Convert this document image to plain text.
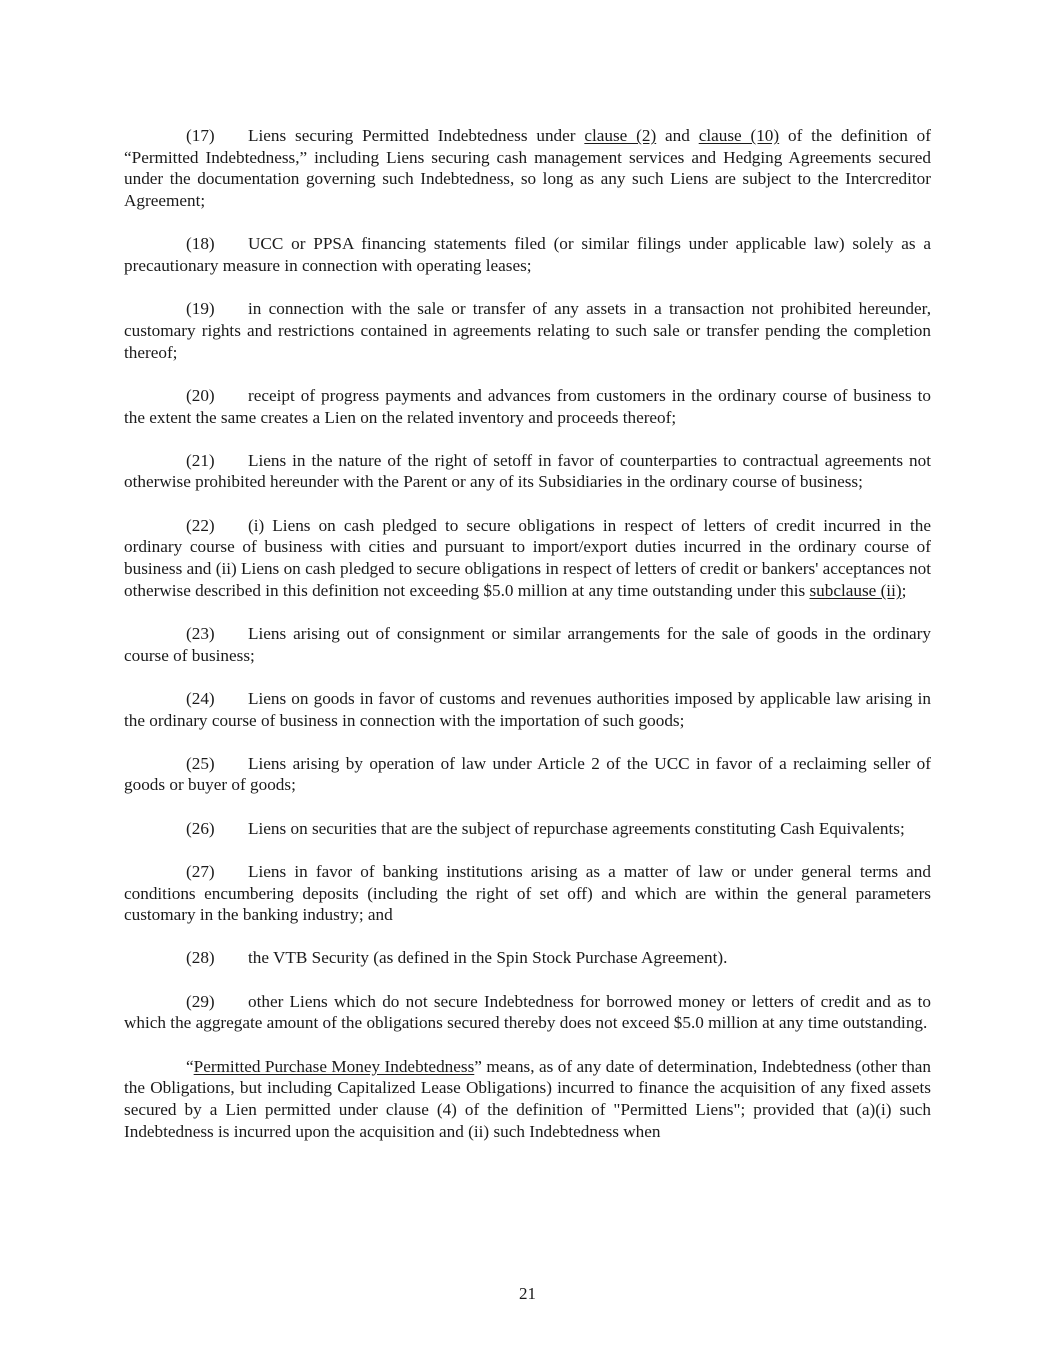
(17) Liens securing Permitted Indebtedness under clause (2) and clause (10) of the definition of “Permitted Indebtedness,” including Liens securing cash management services and Hedging Agreements secured under the documentation governing such Indebtedness, so long as any such Liens are subject to the Intercreditor Agreement;

(18) UCC or PPSA financing statements filed (or similar filings under applicable law) solely as a precautionary measure in connection with operating leases;

(19) in connection with the sale or transfer of any assets in a transaction not prohibited hereunder, customary rights and restrictions contained in agreements relating to such sale or transfer pending the completion thereof;

(20) receipt of progress payments and advances from customers in the ordinary course of business to the extent the same creates a Lien on the related inventory and proceeds thereof;

(21) Liens in the nature of the right of setoff in favor of counterparties to contractual agreements not otherwise prohibited hereunder with the Parent or any of its Subsidiaries in the ordinary course of business;

(22) (i) Liens on cash pledged to secure obligations in respect of letters of credit incurred in the ordinary course of business with cities and pursuant to import/export duties incurred in the ordinary course of business and (ii) Liens on cash pledged to secure obligations in respect of letters of credit or bankers' acceptances not otherwise described in this definition not exceeding $5.0 million at any time outstanding under this subclause (ii);

(23) Liens arising out of consignment or similar arrangements for the sale of goods in the ordinary course of business;

(24) Liens on goods in favor of customs and revenues authorities imposed by applicable law arising in the ordinary course of business in connection with the importation of such goods;

(25) Liens arising by operation of law under Article 2 of the UCC in favor of a reclaiming seller of goods or buyer of goods;

(26) Liens on securities that are the subject of repurchase agreements constituting Cash Equivalents;

(27) Liens in favor of banking institutions arising as a matter of law or under general terms and conditions encumbering deposits (including the right of set off) and which are within the general parameters customary in the banking industry; and

(28) the VTB Security (as defined in the Spin Stock Purchase Agreement).

(29) other Liens which do not secure Indebtedness for borrowed money or letters of credit and as to which the aggregate amount of the obligations secured thereby does not exceed $5.0 million at any time outstanding.

“Permitted Purchase Money Indebtedness” means, as of any date of determination, Indebtedness (other than the Obligations, but including Capitalized Lease Obligations) incurred to finance the acquisition of any fixed assets secured by a Lien permitted under clause (4) of the definition of "Permitted Liens"; provided that (a)(i) such Indebtedness is incurred upon the acquisition and (ii) such Indebtedness when

21
